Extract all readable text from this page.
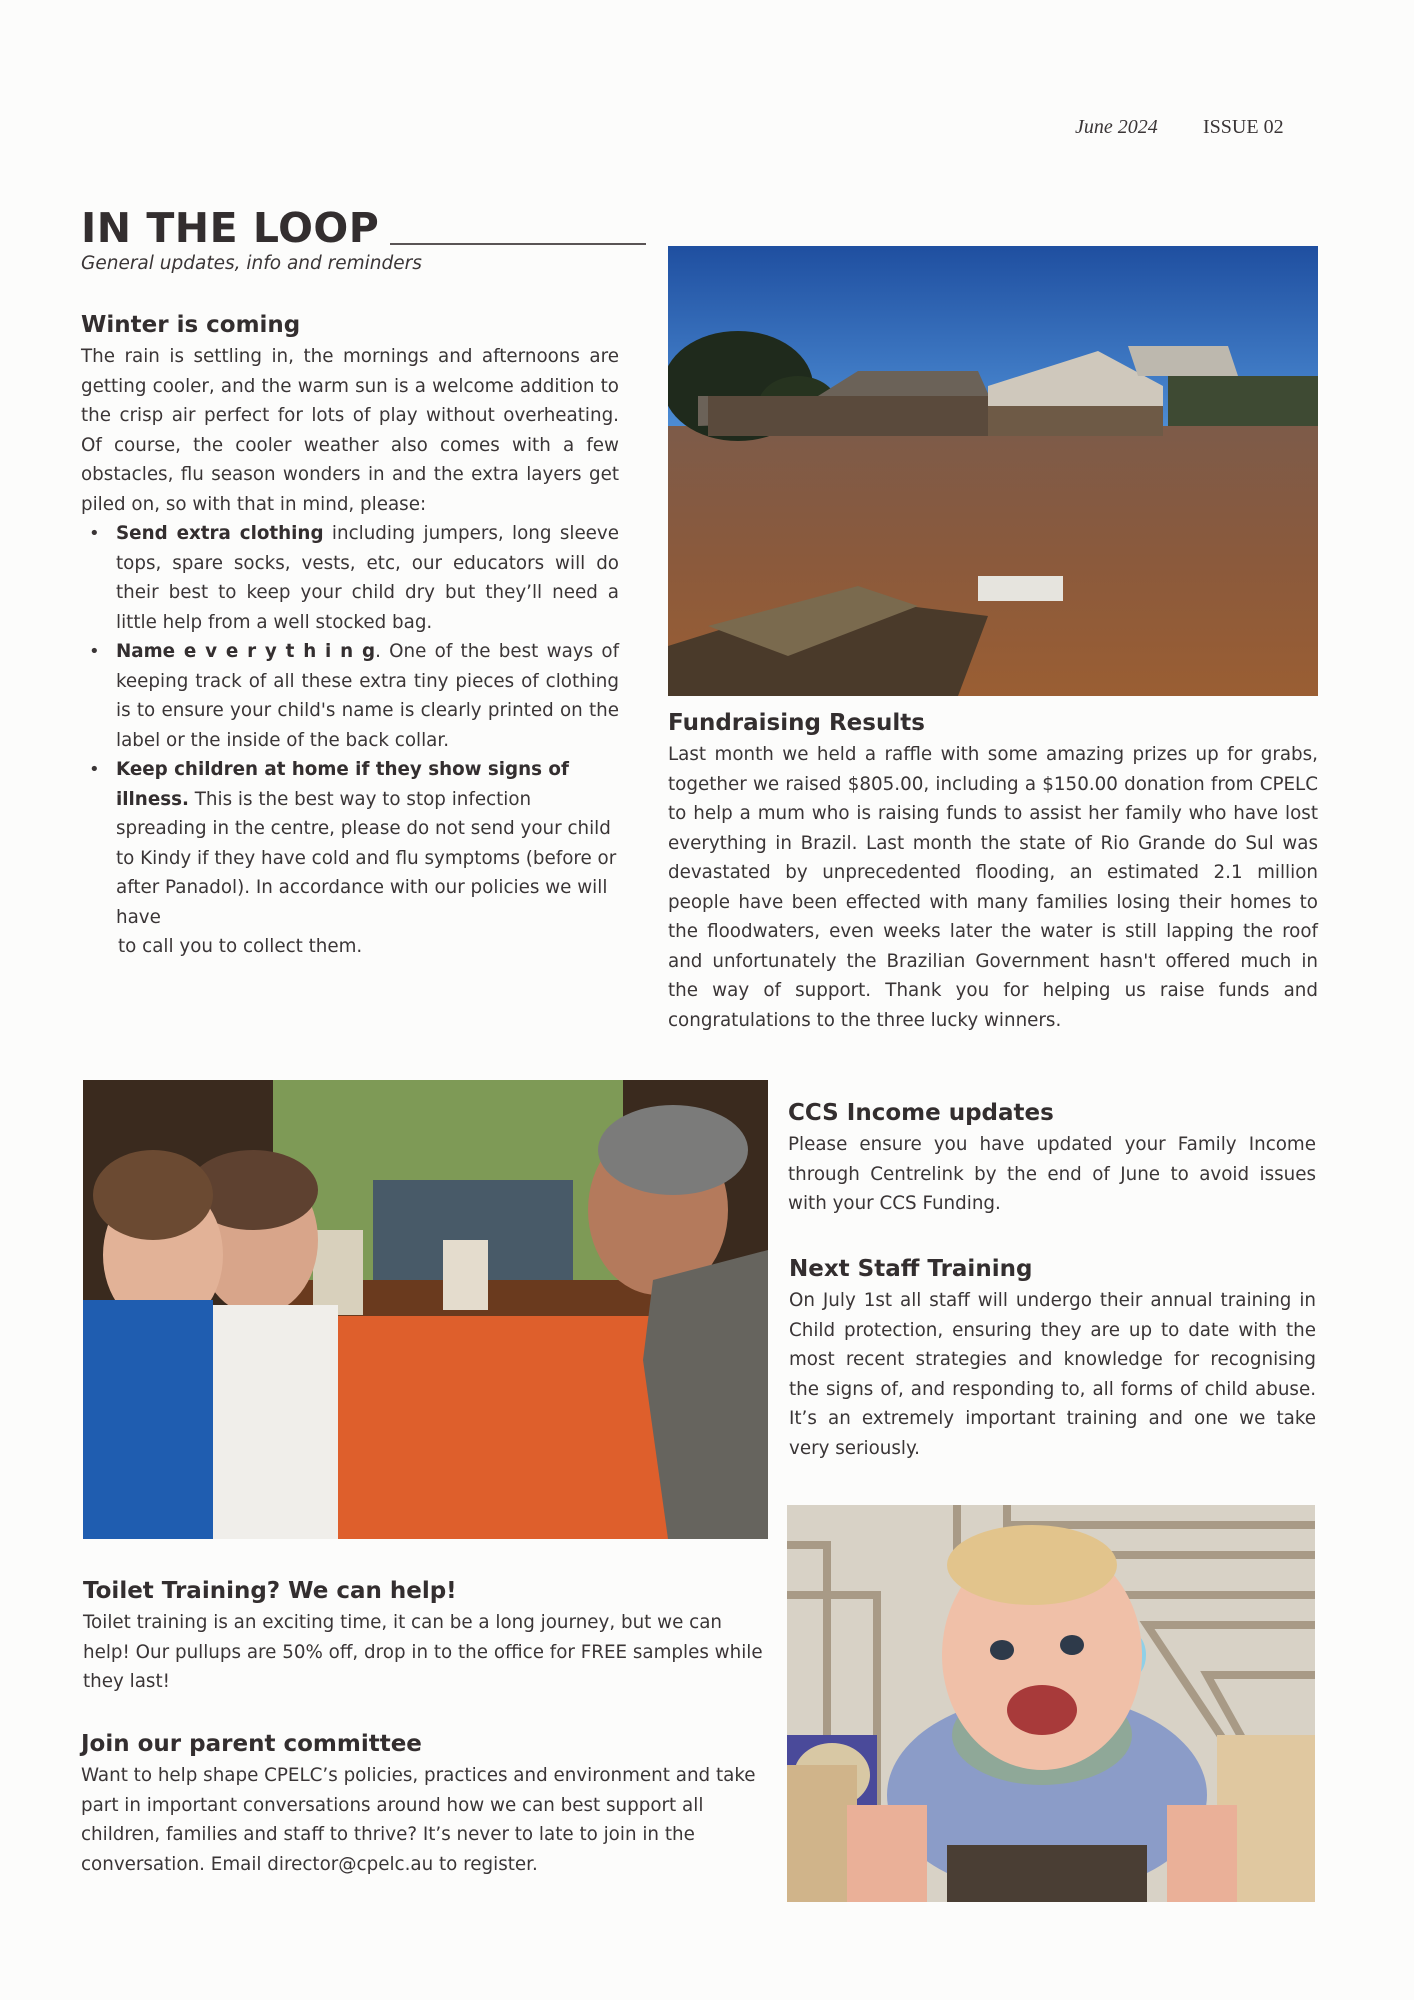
June 2024 ISSUE 02
IN THE LOOP
General updates, info and reminders
Winter is coming

The rain is settling in, the mornings and afternoons are getting cooler, and the warm sun is a welcome addition to the crisp air perfect for lots of play without overheating. Of course, the cooler weather also comes with a few obstacles, flu season wonders in and the extra layers get piled on, so with that in mind, please:

• Send extra clothing including jumpers, long sleeve tops, spare socks, vests, etc, our educators will do their best to keep your child dry but they’ll need a little help from a well stocked bag.
• Name e v e r y t h i n g. One of the best ways of keeping track of all these extra tiny pieces of clothing is to ensure your child's name is clearly printed on the label or the inside of the back collar.
• Keep children at home if they show signs of illness. This is the best way to stop infection spreading in the centre, please do not send your child to Kindy if they have cold and flu symptoms (before or after Panadol). In accordance with our policies we will have
to call you to collect them.
Fundraising Results

Last month we held a raffle with some amazing prizes up for grabs, together we raised $805.00, including a $150.00 donation from CPELC to help a mum who is raising funds to assist her family who have lost everything in Brazil. Last month the state of Rio Grande do Sul was devastated by unprecedented flooding, an estimated 2.1 million people have been effected with many families losing their homes to the floodwaters, even weeks later the water is still lapping the roof and unfortunately the Brazilian Government hasn't offered much in the way of support. Thank you for helping us raise funds and congratulations to the three lucky winners.

CCS Income updates

Please ensure you have updated your Family Income through Centrelink by the end of June to avoid issues with your CCS Funding.

Next Staff Training

On July 1st all staff will undergo their annual training in Child protection, ensuring they are up to date with the most recent strategies and knowledge for recognising the signs of, and responding to, all forms of child abuse. It’s an extremely important training and one we take very seriously.

Toilet Training? We can help!

Toilet training is an exciting time, it can be a long journey, but we can help! Our pullups are 50% off, drop in to the office for FREE samples while they last!

Join our parent committee

Want to help shape CPELC’s policies, practices and environment and take part in important conversations around how we can best support all children, families and staff to thrive? It’s never to late to join in the conversation. Email director@cpelc.au to register.
